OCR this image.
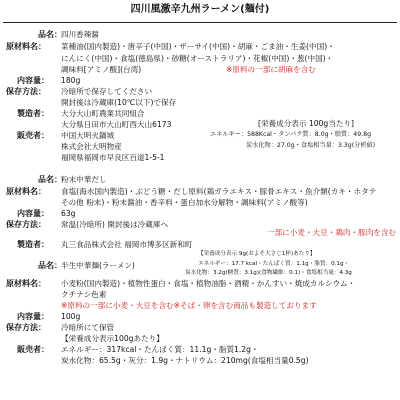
四川風激辛九州ラーメン(麺付)
品名： 四川香辣醤
原材料名： 菜種油(国内製造)・唐辛子(中国)・ザーサイ(中国)・胡麻・ごま油・生姜(中国)・
にんにく(中国)・食塩(徳島県)・砂糖(オーストラリア)・花椒(中国)・葱(中国)・
調味料[アミノ酸](台湾)	※原料の一部に胡麻を含む
内容量： 180g
保存方法： 冷暗所で保存してください
開封後は冷蔵庫(10℃以下)で保存
製造者： 大分大山町農業共同組合
大分県日田市大山町西大山6173
販売者： 中国大明火鍋城
株式会社大明物産
福岡県福岡市早良区百道1-5-1
[栄養成分表示 100g当たり]
エネルギー：588Kcal・タンパク質：8.0g・脂質：49.8g
炭水化物：27.0g・食塩相当量：3.3g(分析値)
品名： 粉末中華だし
原材料名： 食塩(海水国内製造)・ぶどう糖・だし原料(鶏ガラエキス・豚骨エキス・魚介類(カキ・ホタテ
その他 粉末)・粉末醤油・香辛料・蛋白加水分解物・調味料(アミノ酸等)
内容量： 63g
保存方法： 常温(冷暗所) 開封後は冷蔵庫へ
一部に小麦・大豆・鶏肉・豚肉を含む
製造者： 丸三食品株式会社 福岡市博多区新和町
品名： 半生中華麺(ラーメン)
【栄養成分表示 9g(およそ大さじ1杯)あたり】
エネルギー：17.7 kcal・たんぱく質：1.1g・脂質：0.1g・
炭水化物：3.2g(糖質：3.1g)(食物繊維：0.1)・食塩相当量：4.3g
原材料名： 小麦粉(国内製造)・植物性蛋白・食塩・植物油脂・酒精・かんすい・焼成カルシウム・
クチナシ色素
※原料の一部に小麦・大豆を含む※そば・卵を含む商品も製造しております
内容量： 100g
保存方法： 冷暗所にて保管
【栄養成分表示100gあたり】
エネルギー：317kcal・たんぱく質：11.1g・脂質1.2g・
炭水化物：65.5g・灰分：1.9g・ナトリウム：210mg(食塩相当量0.5g)
販売者：
